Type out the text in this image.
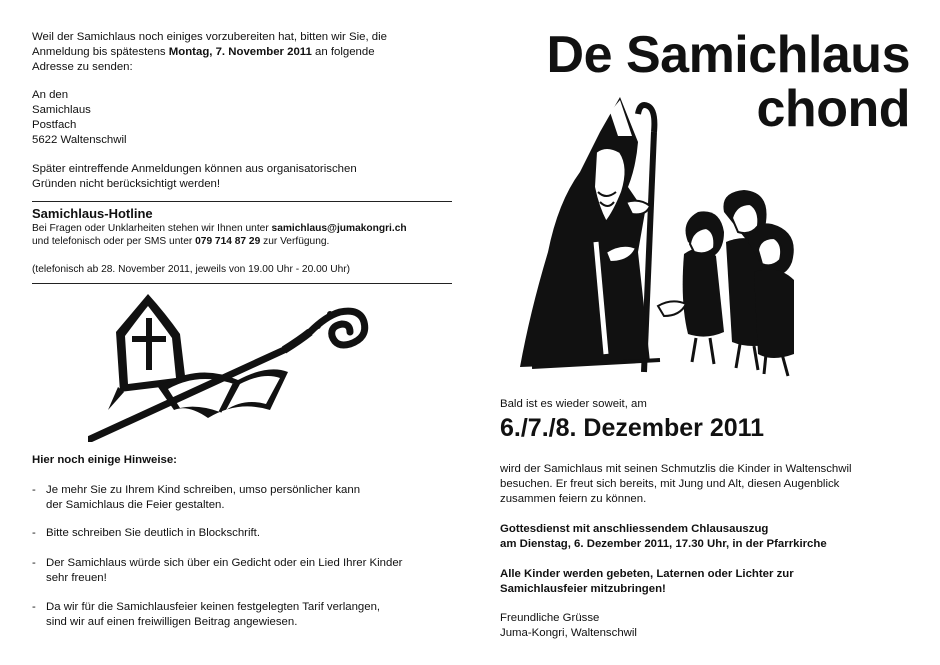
Weil der Samichlaus noch einiges vorzubereiten hat, bitten wir Sie, die
Anmeldung bis spätestens Montag, 7. November 2011 an folgende
Adresse zu senden:
An den
Samichlaus
Postfach
5622 Waltenschwil
Später eintreffende Anmeldungen können aus organisatorischen
Gründen nicht berücksichtigt werden!
Samichlaus-Hotline
Bei Fragen oder Unklarheiten stehen wir Ihnen unter samichlaus@jumakongri.ch
und telefonisch oder per SMS unter 079 714 87 29 zur Verfügung.
(telefonisch ab 28. November 2011, jeweils von 19.00 Uhr - 20.00 Uhr)
Hier noch einige Hinweise:
- Je mehr Sie zu Ihrem Kind schreiben, umso persönlicher kann
der Samichlaus die Feier gestalten.
- Bitte schreiben Sie deutlich in Blockschrift.
- Der Samichlaus würde sich über ein Gedicht oder ein Lied Ihrer Kinder
sehr freuen!
- Da wir für die Samichlausfeier keinen festgelegten Tarif verlangen,
sind wir auf einen freiwilligen Beitrag angewiesen.
De Samichlaus
chond
Bald ist es wieder soweit, am
6./7./8. Dezember 2011
wird der Samichlaus mit seinen Schmutzlis die Kinder in Waltenschwil
besuchen. Er freut sich bereits, mit Jung und Alt, diesen Augenblick
zusammen feiern zu können.
Gottesdienst mit anschliessendem Chlausauszug
am Dienstag, 6. Dezember 2011, 17.30 Uhr, in der Pfarrkirche
Alle Kinder werden gebeten, Laternen oder Lichter zur
Samichlausfeier mitzubringen!
Freundliche Grüsse
Juma-Kongri, Waltenschwil
